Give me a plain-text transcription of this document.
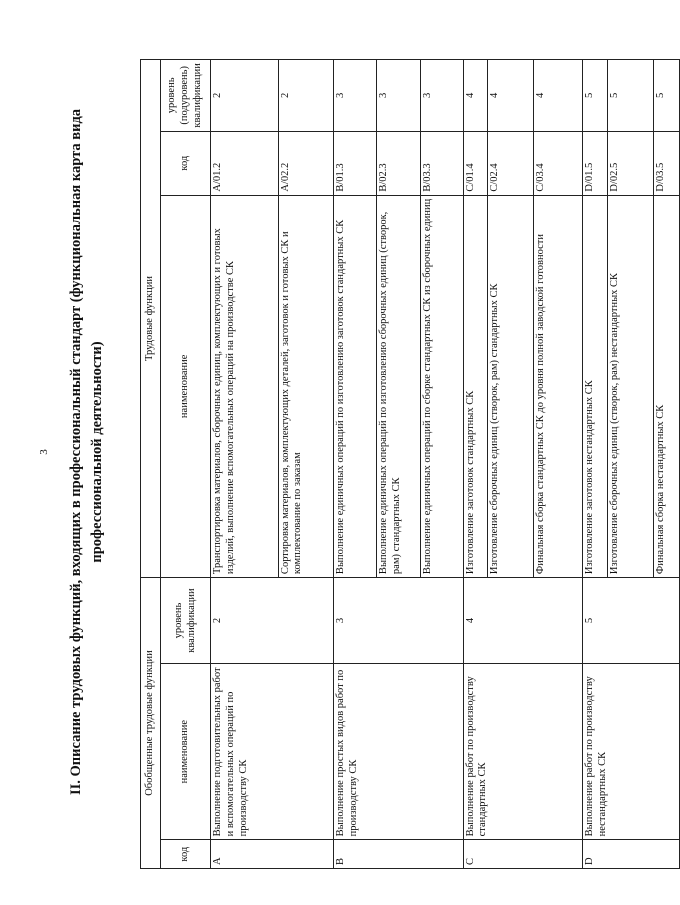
3 II. Описание трудовых функций, входящих в профессиональный стандарт (функциональная карта вида профессиональной деятельности)
Обобщенные трудовые функции			Трудовые функции		
код	наименование	уровень квалификации	наименование	код	уровень (подуровень) квалификации
A	Выполнение подготовительных работ и вспомогательных операций по производству СК	2	Транспортировка материалов, сборочных единиц, комплектующих и готовых изделий, выполнение вспомогательных операций на производстве СК	A/01.2	2
			Сортировка материалов, комплектующих деталей, заготовок и готовых СК и комплектование по заказам	A/02.2	2
B	Выполнение простых видов работ по производству СК	3	Выполнение единичных операций по изготовлению заготовок стандартных СК	B/01.3	3
			Выполнение единичных операций по изготовлению сборочных единиц (створок, рам) стандартных СК	B/02.3	3
			Выполнение единичных операций по сборке стандартных СК из сборочных единиц	B/03.3	3
C	Выполнение работ по производству стандартных СК	4	Изготовление заготовок стандартных СК	C/01.4	4
			Изготовление сборочных единиц (створок, рам) стандартных СК	C/02.4	4
			Финальная сборка стандартных СК до уровня полной заводской готовности	C/03.4	4
D	Выполнение работ по производству нестандартных СК	5	Изготовление заготовок нестандартных СК	D/01.5	5
			Изготовление сборочных единиц (створок, рам) нестандартных СК	D/02.5	5
			Финальная сборка нестандартных СК	D/03.5	5
